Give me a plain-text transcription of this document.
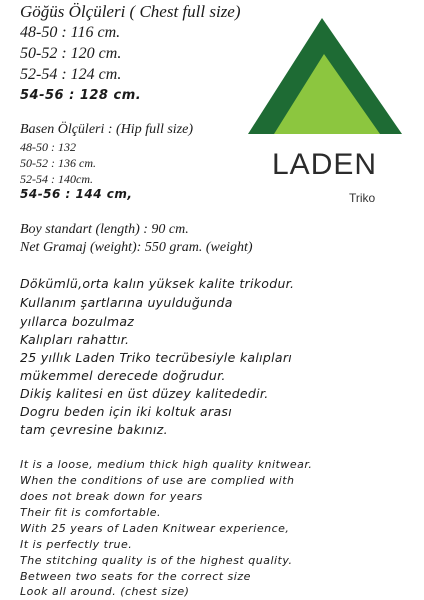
Göğüs Ölçüleri ( Chest full size)
48-50 : 116 cm.
50-52 : 120 cm.
52-54 : 124 cm.
54-56 : 128 cm.
Basen Ölçüleri : (Hip full size)
48-50 : 132
50-52 : 136 cm.
52-54 : 140cm.
54-56 : 144 cm,
Boy standart (length) : 90 cm.
Net Gramaj (weight): 550 gram. (weight)
Dökümlü,orta kalın yüksek kalite trikodur.
Kullanım şartlarına uyulduğunda
yıllarca bozulmaz
Kalıpları rahattır.
25 yıllık Laden Triko tecrübesiyle kalıpları
mükemmel derecede doğrudur.
Dikiş kalitesi en üst düzey kalitededir.
Dogru beden için iki koltuk arası
tam çevresine bakınız.
It is a loose, medium thick high quality knitwear.
When the conditions of use are complied with
does not break down for years
Their fit is comfortable.
With 25 years of Laden Knitwear experience,
It is perfectly true.
The stitching quality is of the highest quality.
Between two seats for the correct size
Look all around. (chest size)
LADEN
Triko
